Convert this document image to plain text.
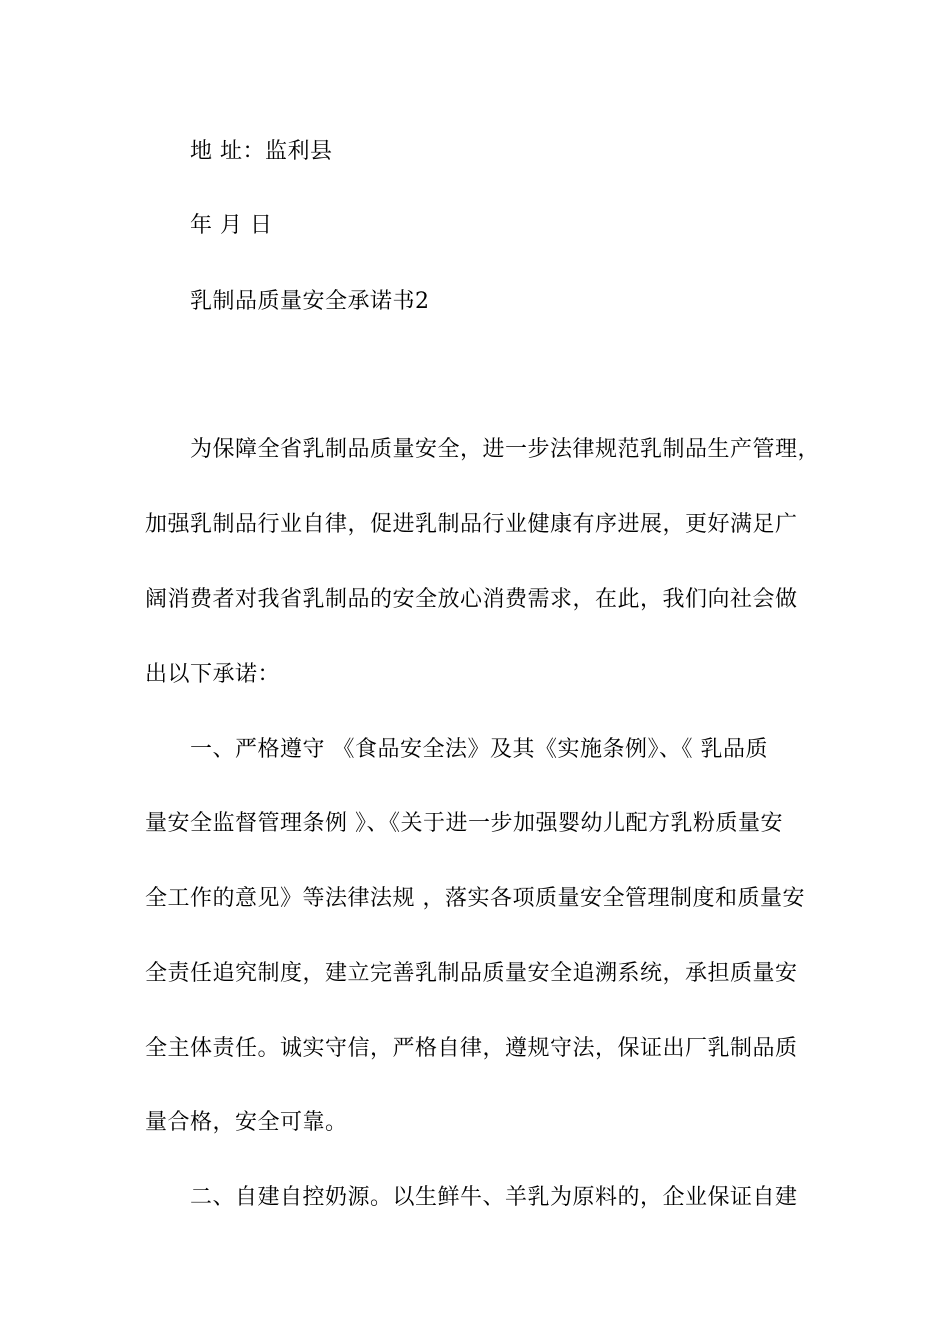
地 址：监利县
年 月 日
乳制品质量安全承诺书2
为保障全省乳制品质量安全，进一步法律规范乳制品生产管理，
加强乳制品行业自律，促进乳制品行业健康有序进展，更好满足广
阔消费者对我省乳制品的安全放心消费需求，在此，我们向社会做
出以下承诺：
一、严格遵守 《食品安全法》及其《实施条例》、《 乳品质
量安全监督管理条例 》、《关于进一步加强婴幼儿配方乳粉质量安
全工作的意见》等法律法规 ，落实各项质量安全管理制度和质量安
全责任追究制度，建立完善乳制品质量安全追溯系统，承担质量安
全主体责任。诚实守信，严格自律，遵规守法，保证出厂乳制品质
量合格，安全可靠。
二、自建自控奶源。以生鲜牛、羊乳为原料的，企业保证自建
